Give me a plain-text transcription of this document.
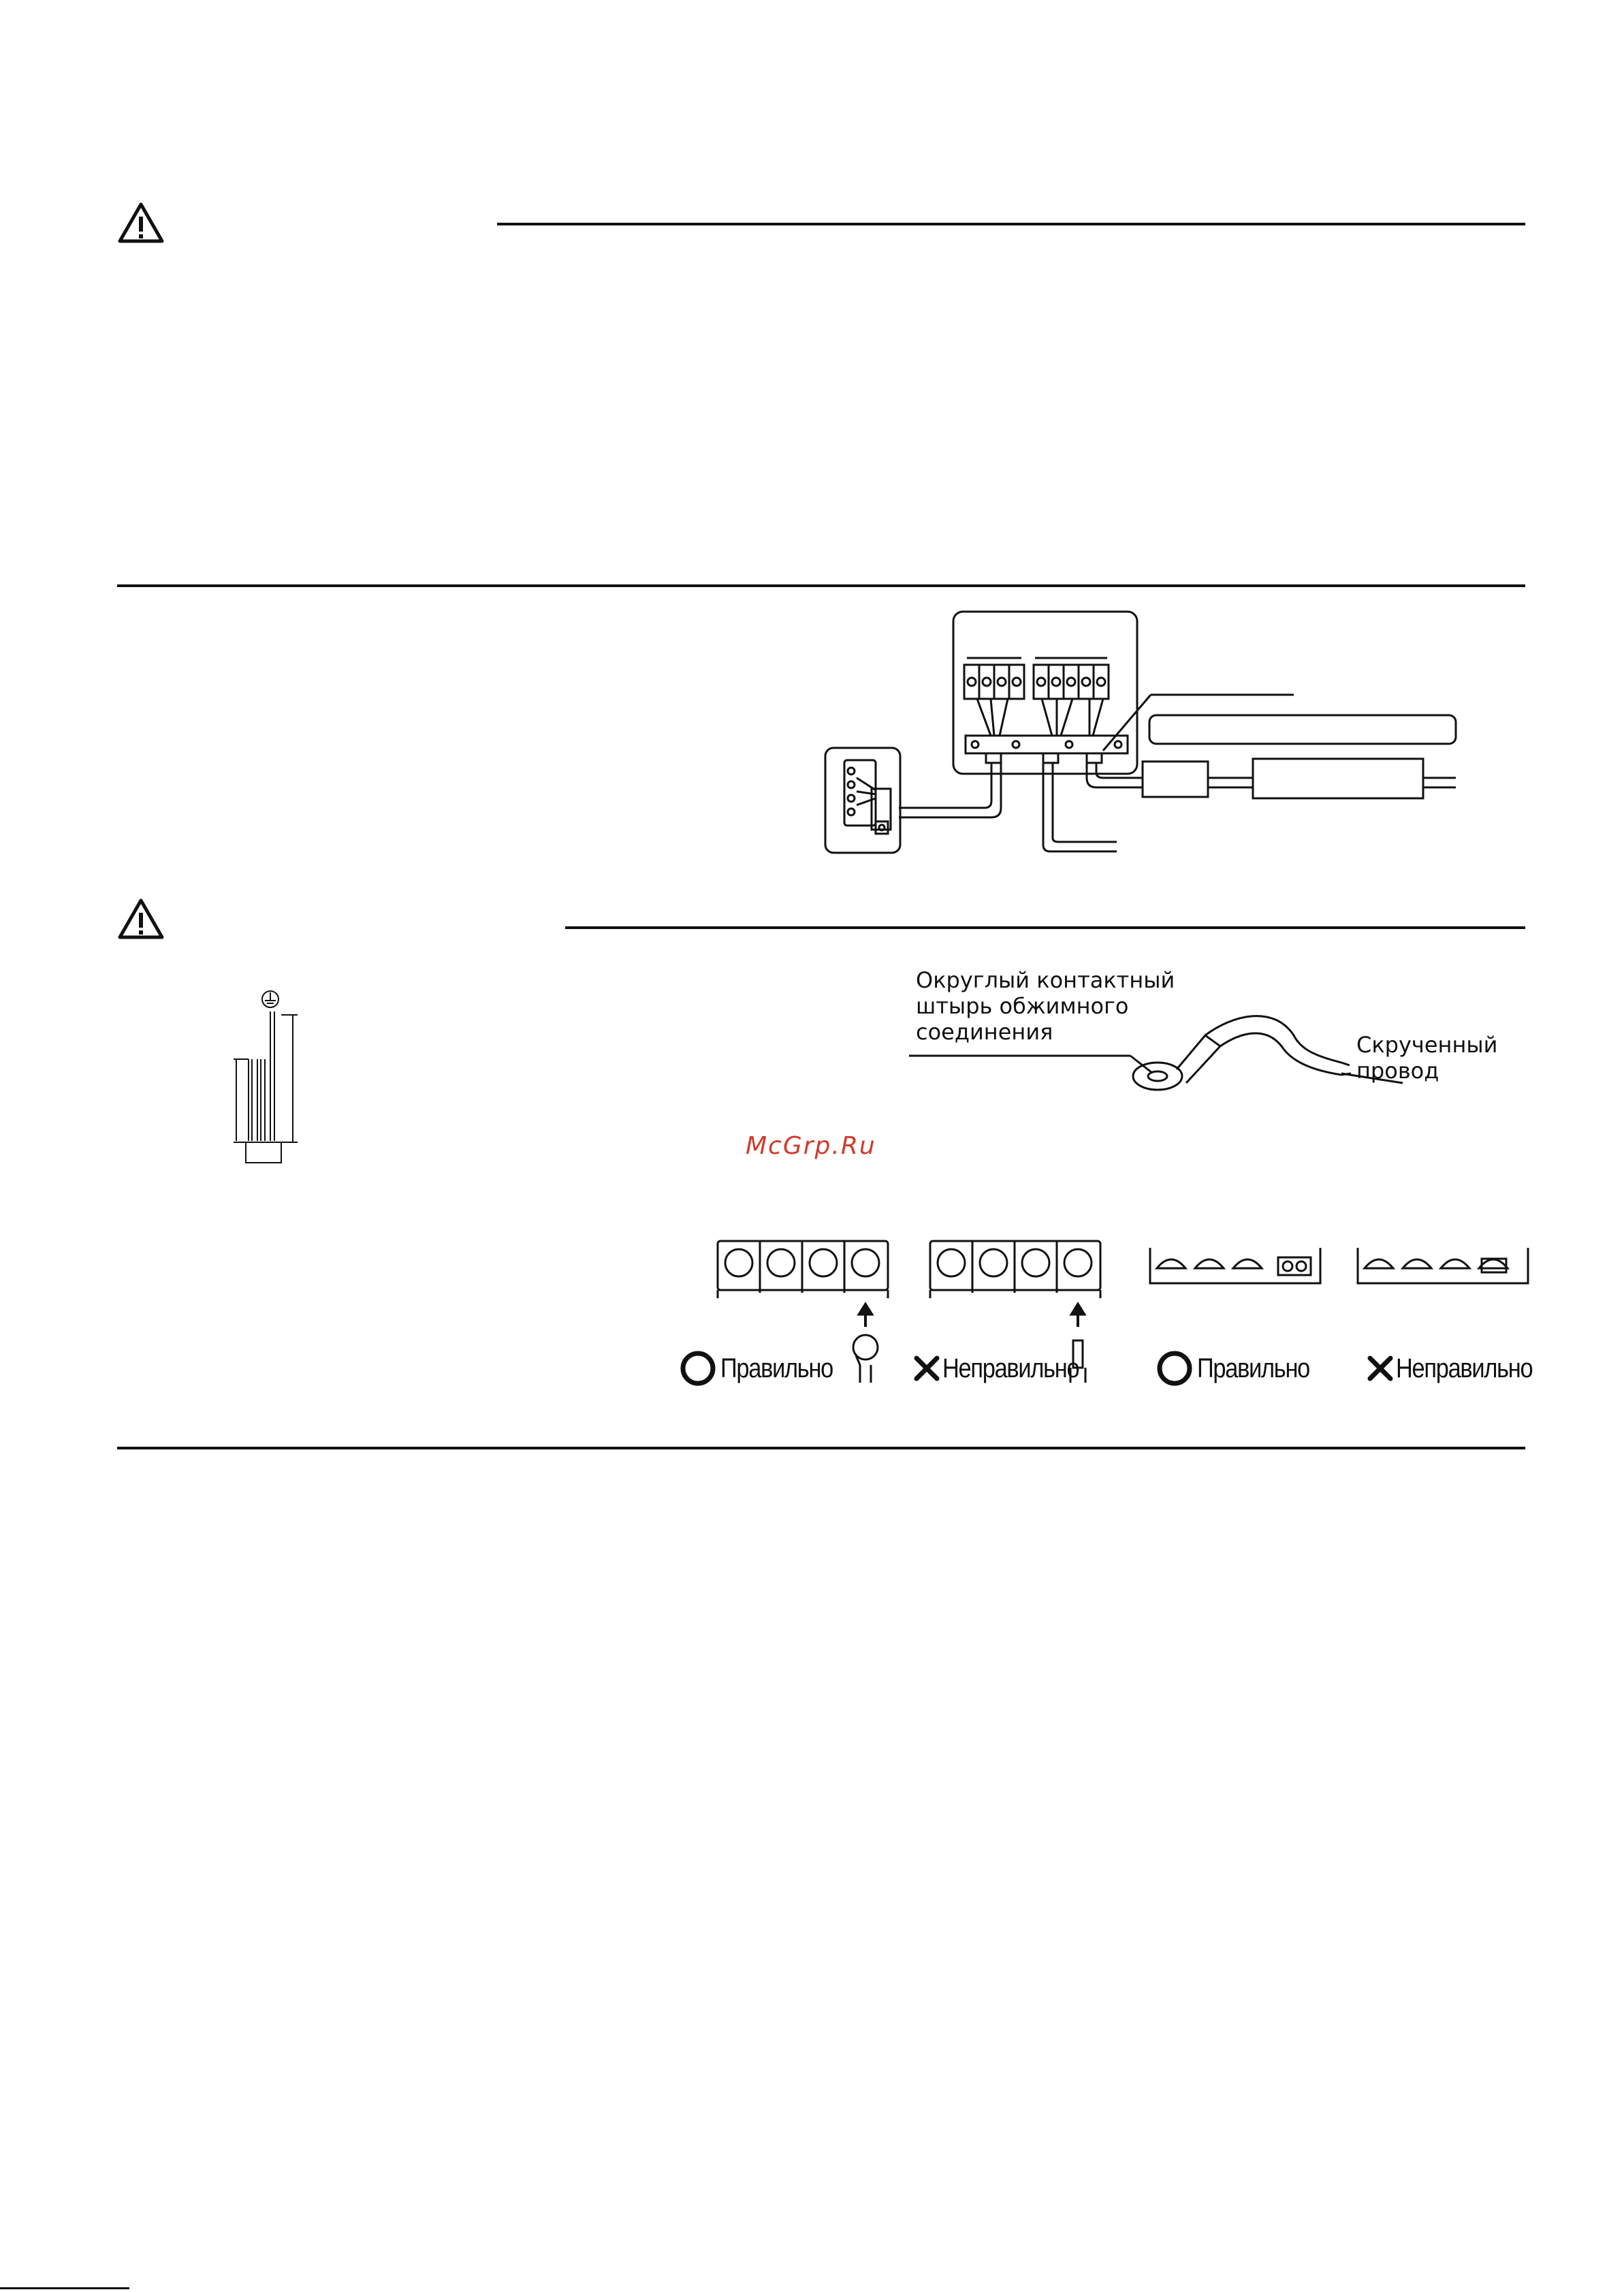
Округлый контактный
штырь обжимного
соединения	Скрученный
провод
McGrp.Ru
Правильно	Неправильно	Правильно	Неправильно
